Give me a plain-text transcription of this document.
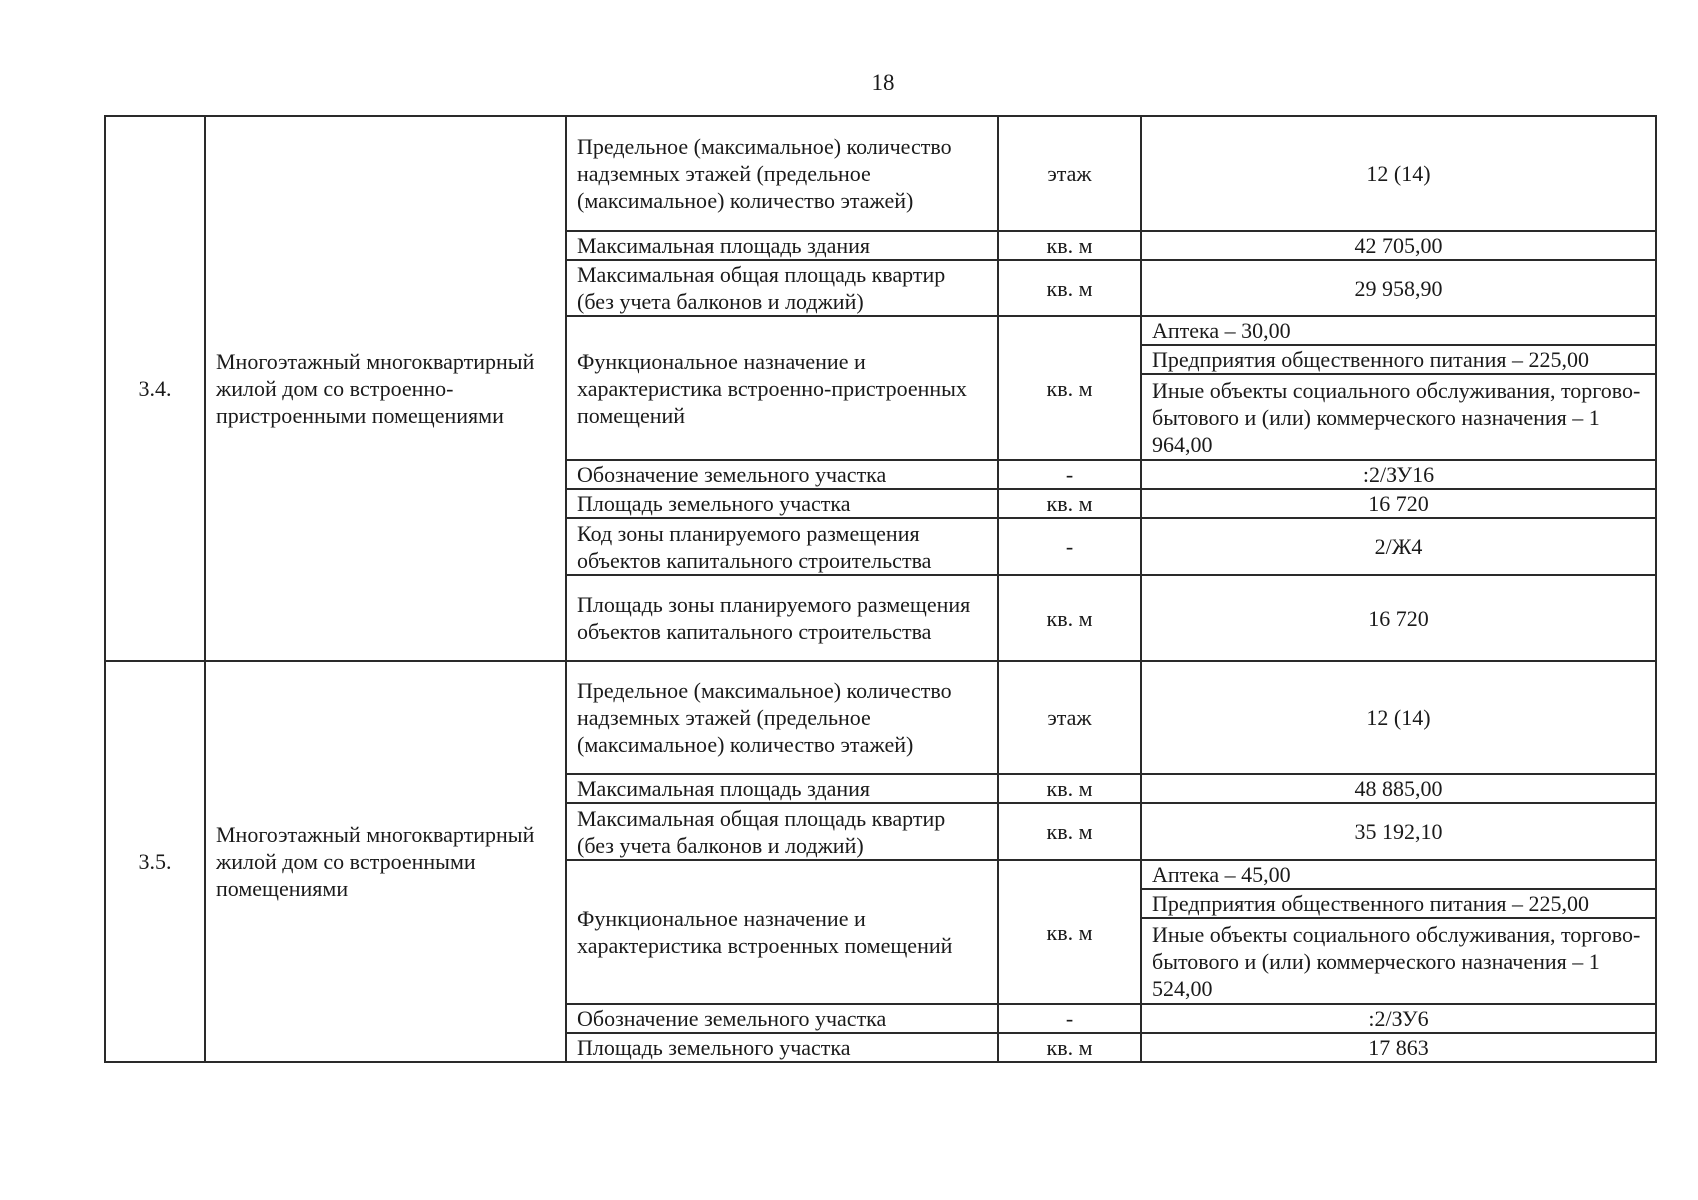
18
3.4.	Многоэтажный многоквартирный жилой дом со встроенно-пристроенными помещениями	Предельное (максимальное) количество надземных этажей (предельное (максимальное) количество этажей)	этаж	12 (14)
		Максимальная площадь здания	кв. м	42 705,00
		Максимальная общая площадь квартир (без учета балконов и лоджий)	кв. м	29 958,90
		Функциональное назначение и характеристика встроенно-пристроенных помещений	кв. м	Аптека – 30,00
				Предприятия общественного питания – 225,00
				Иные объекты социального обслуживания, торгово-бытового и (или) коммерческого назначения – 1 964,00
		Обозначение земельного участка	-	:2/ЗУ16
		Площадь земельного участка	кв. м	16 720
		Код зоны планируемого размещения объектов капитального строительства	-	2/Ж4
		Площадь зоны планируемого размещения объектов капитального строительства	кв. м	16 720
3.5.	Многоэтажный многоквартирный жилой дом со встроенными помещениями	Предельное (максимальное) количество надземных этажей (предельное (максимальное) количество этажей)	этаж	12 (14)
		Максимальная площадь здания	кв. м	48 885,00
		Максимальная общая площадь квартир (без учета балконов и лоджий)	кв. м	35 192,10
		Функциональное назначение и характеристика встроенных помещений	кв. м	Аптека – 45,00
				Предприятия общественного питания – 225,00
				Иные объекты социального обслуживания, торгово-бытового и (или) коммерческого назначения – 1 524,00
		Обозначение земельного участка	-	:2/ЗУ6
		Площадь земельного участка	кв. м	17 863
